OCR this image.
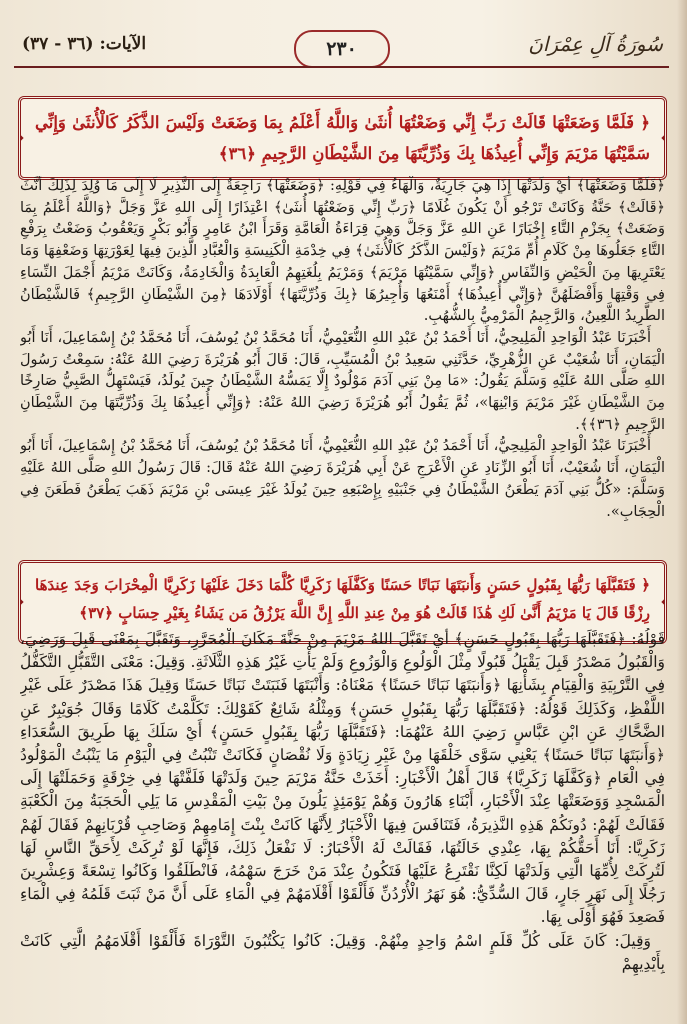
سُورَةُ آلِ عِمْرَانَ
٢٣٠
الآيات: (٣٦ - ٣٧)
﴿ فَلَمَّا وَضَعَتْهَا قَالَتْ رَبِّ إِنِّي وَضَعْتُهَا أُنثَىٰ وَاللَّهُ أَعْلَمُ بِمَا وَضَعَتْ وَلَيْسَ الذَّكَرُ كَالْأُنثَىٰ وَإِنِّي سَمَّيْتُهَا مَرْيَمَ وَإِنِّي أُعِيذُهَا بِكَ وَذُرِّيَّتَهَا مِنَ الشَّيْطَانِ الرَّجِيمِ ﴿٣٦﴾

﴿فَلَمَّا وَضَعَتْهَا﴾ أَيْ وَلَدَتْهَا إِذَا هِيَ جَارِيَةٌ، وَالْهَاءُ فِي قَوْلِهِ: ﴿وَضَعَتْهَا﴾ رَاجِعَةٌ إِلَى النَّذِيرِ لَا إِلَى مَا وُلِدَ لِذَلِكَ أَنَّثَ ﴿قَالَتْ﴾ حَنَّةُ وَكَانَتْ تَرْجُو أَنْ يَكُونَ غُلَامًا ﴿رَبِّ إِنِّي وَضَعْتُهَا أُنثَىٰ﴾ اعْتِذَارًا إِلَى اللهِ عَزَّ وَجَلَّ ﴿وَاللَّهُ أَعْلَمُ بِمَا وَضَعَتْ﴾ بِجَزْمِ التَّاءِ إِخْبَارًا عَنِ اللهِ عَزَّ وَجَلَّ وَهِيَ قِرَاءَةُ الْعَامَّةِ وَقَرَأَ ابْنُ عَامِرٍ وَأَبُو بَكْرٍ وَيَعْقُوبُ وَضَعْتُ بِرَفْعِ التَّاءِ جَعَلُوهَا مِنْ كَلَامِ أُمِّ مَرْيَمَ ﴿وَلَيْسَ الذَّكَرُ كَالْأُنثَىٰ﴾ فِي خِدْمَةِ الْكَنِيسَةِ وَالْعُبَّادِ الَّذِينَ فِيهَا لِعَوْرَتِهَا وَضَعْفِهَا وَمَا يَعْتَرِيهَا مِنَ الْحَيْضِ وَالنِّفَاسِ ﴿وَإِنِّي سَمَّيْتُهَا مَرْيَمَ﴾ وَمَرْيَمُ بِلُغَتِهِمُ الْعَابِدَةُ وَالْخَادِمَةُ، وَكَانَتْ مَرْيَمُ أَجْمَلَ النِّسَاءِ فِي وَقْتِهَا وَأَفْضَلَهُنَّ ﴿وَإِنِّي أُعِيذُهَا﴾ أَمْنَعُهَا وَأُجِيرُهَا ﴿بِكَ وَذُرِّيَّتَهَا﴾ أَوْلَادَهَا ﴿مِنَ الشَّيْطَانِ الرَّجِيمِ﴾ فَالشَّيْطَانُ الطَّرِيدُ اللَّعِينُ، وَالرَّجِيمُ الْمَرْمِيُّ بِالشُّهُبِ.

أَخْبَرَنَا عَبْدُ الْوَاحِدِ الْمَلِيحِيُّ، أَنَا أَحْمَدُ بْنُ عَبْدِ اللهِ النُّعَيْمِيُّ، أَنَا مُحَمَّدُ بْنُ يُوسُفَ، أَنَا مُحَمَّدُ بْنُ إِسْمَاعِيلَ، أَنَا أَبُو الْيَمَانِ، أَنَا شُعَيْبٌ عَنِ الزُّهْرِيِّ، حَدَّثَنِي سَعِيدُ بْنُ الْمُسَيِّبِ، قَالَ: قَالَ أَبُو هُرَيْرَةَ رَضِيَ اللهُ عَنْهُ: سَمِعْتُ رَسُولَ اللهِ صَلَّى اللهُ عَلَيْهِ وَسَلَّمَ يَقُولُ: «مَا مِنْ بَنِي آدَمَ مَوْلُودٌ إِلَّا يَمَسُّهُ الشَّيْطَانُ حِينَ يُولَدُ، فَيَسْتَهِلُّ الصَّبِيُّ صَارِخًا مِنَ الشَّيْطَانِ غَيْرَ مَرْيَمَ وَابْنِهَا»، ثُمَّ يَقُولُ أَبُو هُرَيْرَةَ رَضِيَ اللهُ عَنْهُ: ﴿وَإِنِّي أُعِيذُهَا بِكَ وَذُرِّيَّتَهَا مِنَ الشَّيْطَانِ الرَّجِيمِ ﴿٣٦﴾﴾.

أَخْبَرَنَا عَبْدُ الْوَاحِدِ الْمَلِيحِيُّ، أَنَا أَحْمَدُ بْنُ عَبْدِ اللهِ النُّعَيْمِيُّ، أَنَا مُحَمَّدُ بْنُ يُوسُفَ، أَنَا مُحَمَّدُ بْنُ إِسْمَاعِيلَ، أَنَا أَبُو الْيَمَانِ، أَنَا شُعَيْبٌ، أَنَا أَبُو الزِّنَادِ عَنِ الْأَعْرَجِ عَنْ أَبِي هُرَيْرَةَ رَضِيَ اللهُ عَنْهُ قَالَ: قَالَ رَسُولُ اللهِ صَلَّى اللهُ عَلَيْهِ وَسَلَّمَ: «كُلُّ بَنِي آدَمَ يَطْعَنُ الشَّيْطَانُ فِي جَنْبَيْهِ بِإِصْبَعِهِ حِينَ يُولَدُ غَيْرَ عِيسَى بْنِ مَرْيَمَ ذَهَبَ يَطْعَنُ فَطَعَنَ فِي الْحِجَابِ».

﴿ فَتَقَبَّلَهَا رَبُّهَا بِقَبُولٍ حَسَنٍ وَأَنبَتَهَا نَبَاتًا حَسَنًا وَكَفَّلَهَا زَكَرِيَّا كُلَّمَا دَخَلَ عَلَيْهَا زَكَرِيَّا الْمِحْرَابَ وَجَدَ عِندَهَا رِزْقًا قَالَ يَا مَرْيَمُ أَنَّىٰ لَكِ هَٰذَا قَالَتْ هُوَ مِنْ عِندِ اللَّهِ إِنَّ اللَّهَ يَرْزُقُ مَن يَشَاءُ بِغَيْرِ حِسَابٍ ﴿٣٧﴾

قَوْلُهُ: ﴿فَتَقَبَّلَهَا رَبُّهَا بِقَبُولٍ حَسَنٍ﴾ أَيْ تَقَبَّلَ اللهُ مَرْيَمَ مِنْ حَنَّةَ مَكَانَ الْمُحَرَّرِ، وَتَقَبَّلَ بِمَعْنَى قَبِلَ وَرَضِيَ، وَالْقَبُولُ مَصْدَرُ قَبِلَ يَقْبَلُ قَبُولًا مِثْلَ الْوَلُوعِ وَالْوَزُوعِ وَلَمْ يَأْتِ غَيْرُ هَذِهِ الثَّلَاثَةِ. وَقِيلَ: مَعْنَى التَّقَبُّلِ التَّكَفُّلُ فِي التَّرْبِيَةِ وَالْقِيَامِ بِشَأْنِهَا ﴿وَأَنبَتَهَا نَبَاتًا حَسَنًا﴾ مَعْنَاهُ: وَأَنْبَتَهَا فَنَبَتَتْ نَبَاتًا حَسَنًا وَقِيلَ هَذَا مَصْدَرٌ عَلَى غَيْرِ اللَّفْظِ، وَكَذَلِكَ قَوْلُهُ: ﴿فَتَقَبَّلَهَا رَبُّهَا بِقَبُولٍ حَسَنٍ﴾ وَمِثْلُهُ شَائِعٌ كَقَوْلِكَ: تَكَلَّمْتُ كَلَامًا وَقَالَ جُوَيْبِرٌ عَنِ الضَّحَّاكِ عَنِ ابْنِ عَبَّاسٍ رَضِيَ اللهُ عَنْهُمَا: ﴿فَتَقَبَّلَهَا رَبُّهَا بِقَبُولٍ حَسَنٍ﴾ أَيْ سَلَكَ بِهَا طَرِيقَ السُّعَدَاءِ ﴿وَأَنبَتَهَا نَبَاتًا حَسَنًا﴾ يَعْنِي سَوَّى خَلْقَهَا مِنْ غَيْرِ زِيَادَةٍ وَلَا نُقْصَانٍ فَكَانَتْ تَنْبُتُ فِي الْيَوْمِ مَا يَنْبُتُ الْمَوْلُودُ فِي الْعَامِ ﴿وَكَفَّلَهَا زَكَرِيَّا﴾ قَالَ أَهْلُ الْأَخْبَارِ: أَخَذَتْ حَنَّةُ مَرْيَمَ حِينَ وَلَدَتْهَا فَلَفَّتْهَا فِي خِرْقَةٍ وَحَمَلَتْهَا إِلَى الْمَسْجِدِ وَوَضَعَتْهَا عِنْدَ الْأَحْبَارِ، أَبْنَاءِ هَارُونَ وَهُمْ يَوْمَئِذٍ يَلُونَ مِنْ بَيْتِ الْمَقْدِسِ مَا يَلِي الْحَجَبَةُ مِنَ الْكَعْبَةِ فَقَالَتْ لَهُمْ: دُونَكُمْ هَذِهِ النَّذِيرَةُ، فَتَنَافَسَ فِيهَا الْأَحْبَارُ لِأَنَّهَا كَانَتْ بِنْتَ إِمَامِهِمْ وَصَاحِبِ قُرْبَانِهِمْ فَقَالَ لَهُمْ زَكَرِيَّا: أَنَا أَحَقُّكُمْ بِهَا، عِنْدِي خَالَتُهَا، فَقَالَتْ لَهُ الْأَحْبَارُ: لَا نَفْعَلُ ذَلِكَ، فَإِنَّهَا لَوْ تُرِكَتْ لِأَحَقِّ النَّاسِ لَهَا لَتُرِكَتْ لِأُمِّهَا الَّتِي وَلَدَتْهَا لَكِنَّا نَقْتَرِعُ عَلَيْهَا فَتَكُونُ عِنْدَ مَنْ خَرَجَ سَهْمُهُ، فَانْطَلَقُوا وَكَانُوا تِسْعَةً وَعِشْرِينَ رَجُلًا إِلَى نَهَرٍ جَارٍ، قَالَ السُّدِّيُّ: هُوَ نَهَرُ الْأُرْدُنِّ فَأَلْقَوْا أَقْلَامَهُمْ فِي الْمَاءِ عَلَى أَنَّ مَنْ ثَبَتَ قَلَمُهُ فِي الْمَاءِ فَصَعِدَ فَهُوَ أَوْلَى بِهَا.

وَقِيلَ: كَانَ عَلَى كُلِّ قَلَمٍ اسْمُ وَاحِدٍ مِنْهُمْ. وَقِيلَ: كَانُوا يَكْتُبُونَ التَّوْرَاةَ فَأَلْقَوْا أَقْلَامَهُمُ الَّتِي كَانَتْ بِأَيْدِيهِمْ
